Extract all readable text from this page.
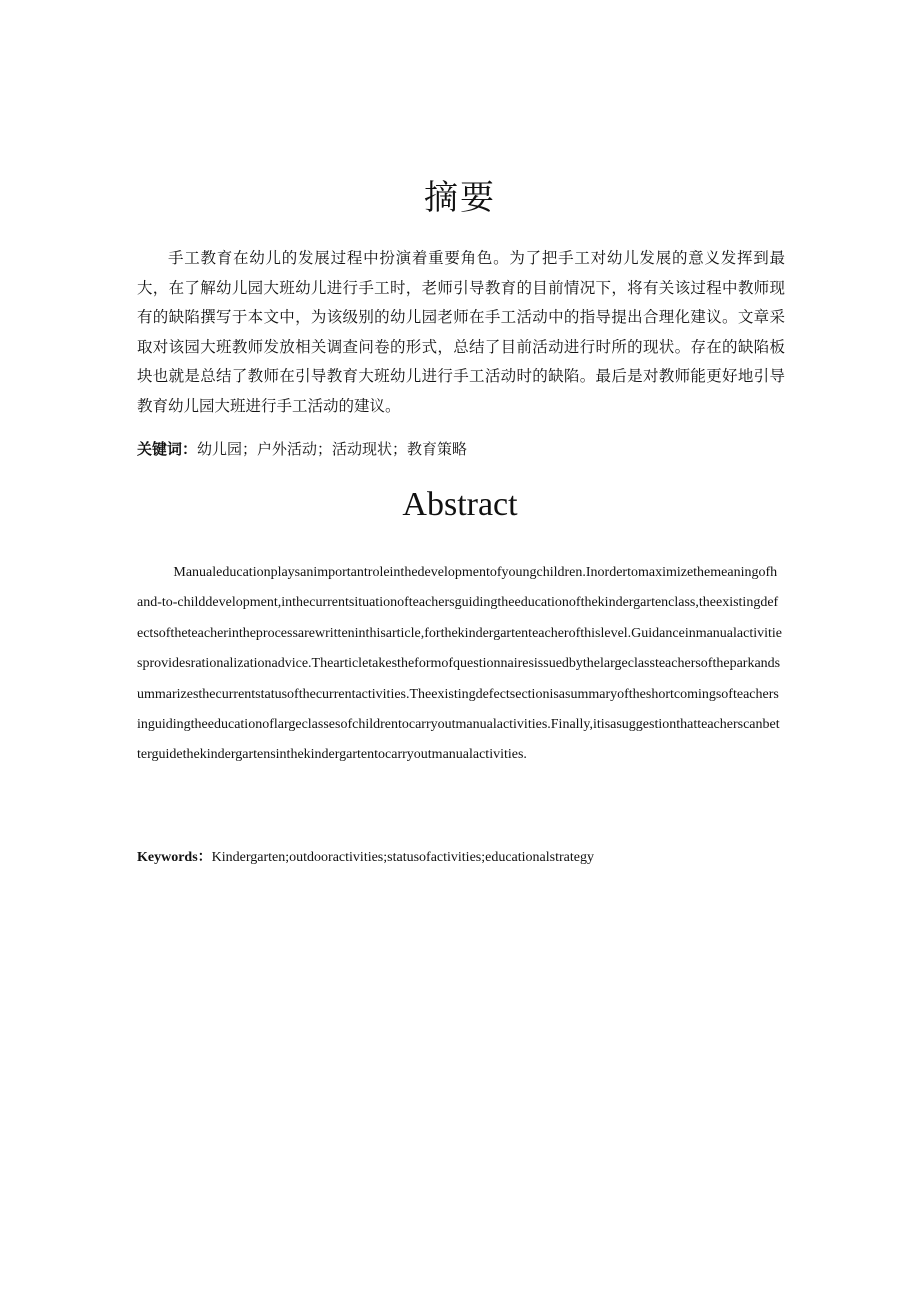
摘要

手工教育在幼儿的发展过程中扮演着重要角色。为了把手工对幼儿发展的意义发挥到最大，在了解幼儿园大班幼儿进行手工时，老师引导教育的目前情况下，将有关该过程中教师现有的缺陷撰写于本文中，为该级别的幼儿园老师在手工活动中的指导提出合理化建议。文章采取对该园大班教师发放相关调查问卷的形式，总结了目前活动进行时所的现状。存在的缺陷板块也就是总结了教师在引导教育大班幼儿进行手工活动时的缺陷。最后是对教师能更好地引导教育幼儿园大班进行手工活动的建议。

关键词：幼儿园；户外活动；活动现状；教育策略

Abstract

Manualeducationplaysanimportantroleinthedevelopmentofyoungchildren.Inordertomaximizethemeaningofhand-to-childdevelopment,inthecurrentsituationofteachersguidingtheeducationofthekindergartenclass,theexistingdefectsoftheteacherintheprocessarewritteninthisarticle,forthekindergartenteacherofthislevel.Guidanceinmanualactivitiesprovidesrationalizationadvice.Thearticletakestheformofquestionnairesissuedbythelargeclassteachersoftheparkandsummarizesthecurrentstatusofthecurrentactivities.Theexistingdefectsectionisasummaryoftheshortcomingsofteachersinguidingtheeducationoflargeclassesofchildrentocarryoutmanualactivities.Finally,itisasuggestionthatteacherscanbetterguidethekindergartensinthekindergartentocarryoutmanualactivities.

Keywords：Kindergarten;outdooractivities;statusofactivities;educationalstrategy
